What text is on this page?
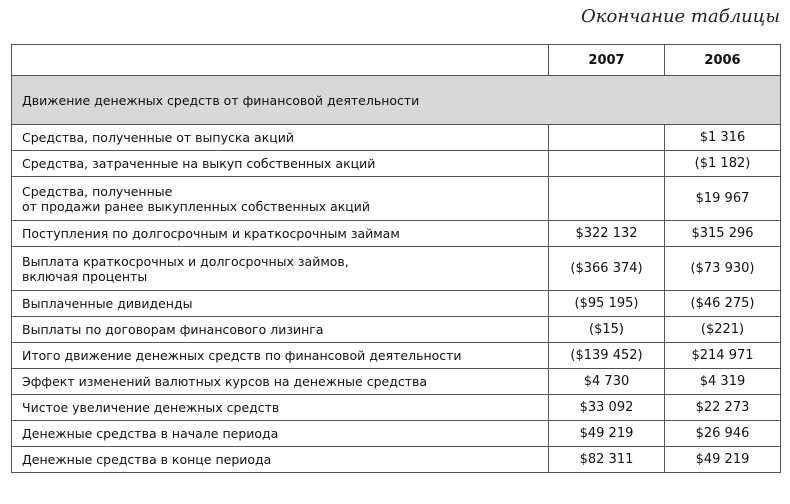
Окончание таблицы
	2007	2006
Движение денежных средств от финансовой деятельности		

Средства, полученные от выпуска акций		$1 316

Средства, затраченные на выкуп собственных акций		($1 182)

Средства, полученные
от продажи ранее выкупленных собственных акций		$19 967

Поступления по долгосрочным и краткосрочным займам	$322 132	$315 296

Выплата краткосрочных и долгосрочных займов,
включая проценты	($366 374)	($73 930)

Выплаченные дивиденды	($95 195)	($46 275)

Выплаты по договорам финансового лизинга	($15)	($221)

Итого движение денежных средств по финансовой деятельности	($139 452)	$214 971

Эффект изменений валютных курсов на денежные средства	$4 730	$4 319

Чистое увеличение денежных средств	$33 092	$22 273

Денежные средства в начале периода	$49 219	$26 946

Денежные средства в конце периода	$82 311	$49 219
